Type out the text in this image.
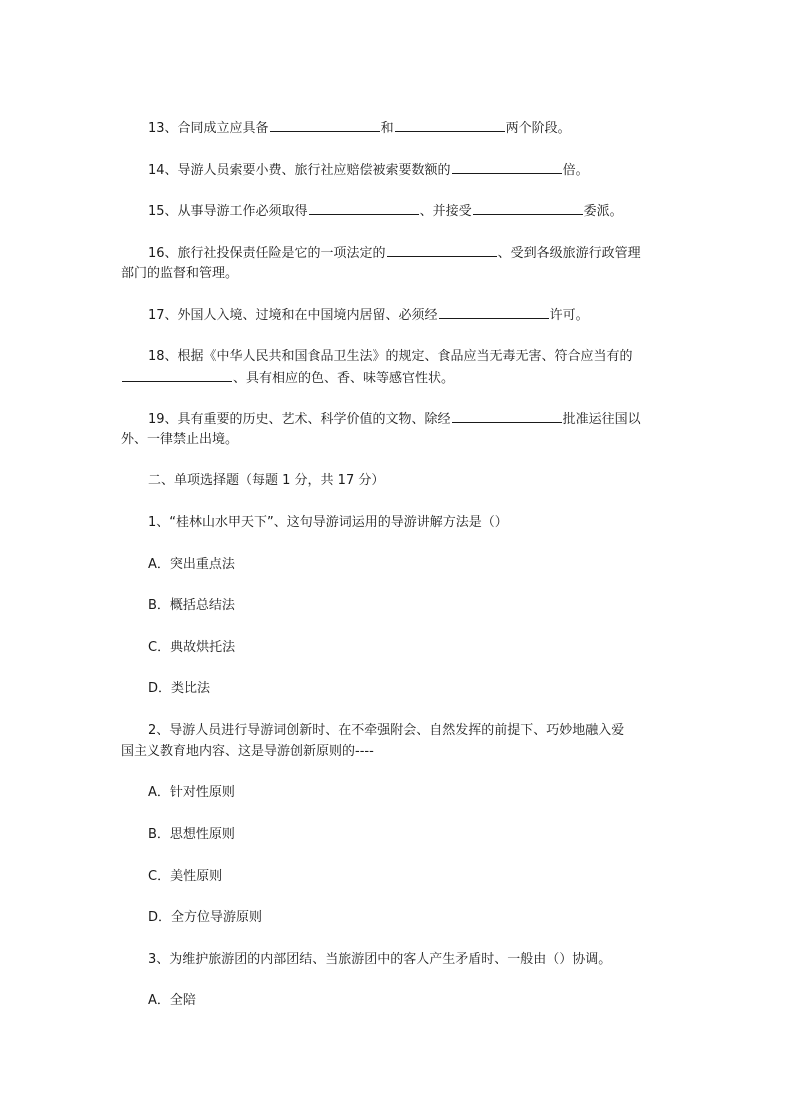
13、合同成立应具备	和	两个阶段。
14、导游人员索要小费、旅行社应赔偿被索要数额的	倍。
15、从事导游工作必须取得	、并接受	委派。
16、旅行社投保责任险是它的一项法定的	、受到各级旅游行政管理
部门的监督和管理。
17、外国人入境、过境和在中国境内居留、必须经	许可。
18、根据《中华人民共和国食品卫生法》的规定、食品应当无毒无害、符合应当有的
、具有相应的色、香、味等感官性状。
19、具有重要的历史、艺术、科学价值的文物、除经	批准运往国以
外、一律禁止出境。
二、单项选择题（每题 1 分，共 17 分）
1、“桂林山水甲天下”、这句导游词运用的导游讲解方法是（）
A．突出重点法
B．概括总结法
C．典故烘托法
D．类比法
2、导游人员进行导游词创新时、在不牵强附会、自然发挥的前提下、巧妙地融入爱
国主义教育地内容、这是导游创新原则的----
A．针对性原则
B．思想性原则
C．美性原则
D．全方位导游原则
3、为维护旅游团的内部团结、当旅游团中的客人产生矛盾时、一般由（）协调。
A．全陪
